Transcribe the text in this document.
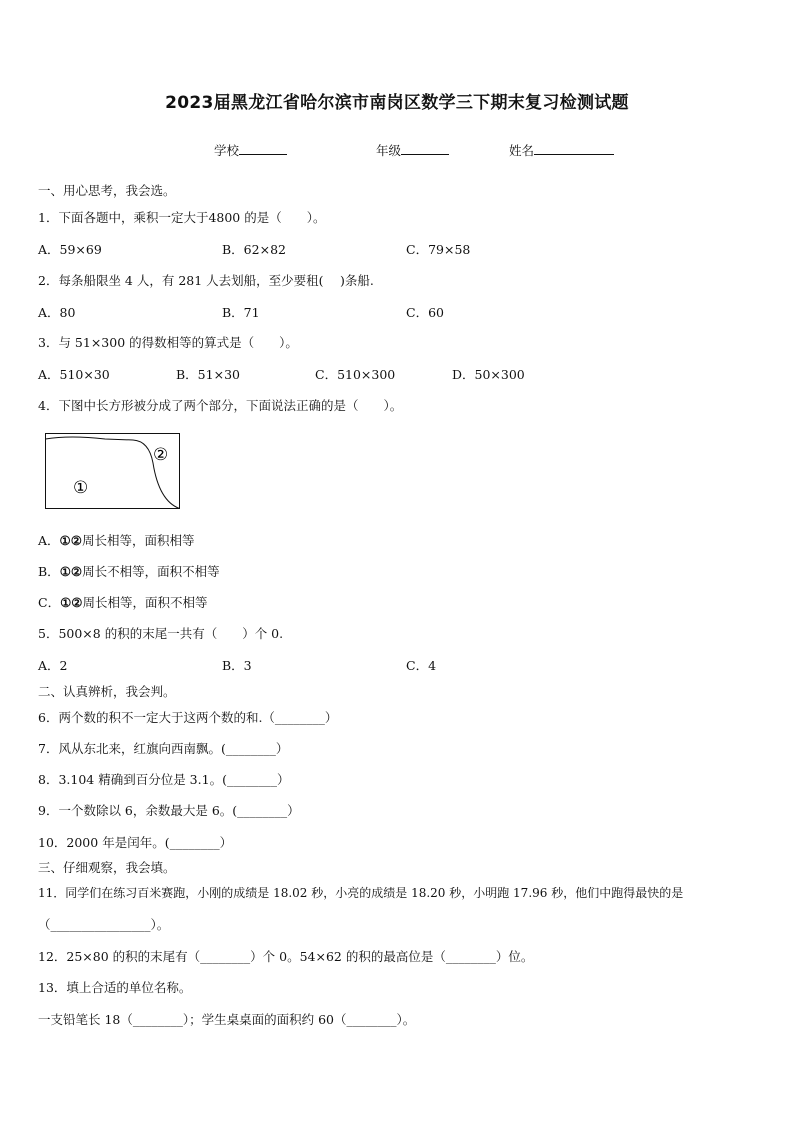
2023届黑龙江省哈尔滨市南岗区数学三下期末复习检测试题
学校	年级	姓名
一、用心思考，我会选。
1．下面各题中，乘积一定大于4800 的是（　　）。
A．59×69	B．62×82	C．79×58
2．每条船限坐 4 人，有 281 人去划船，至少要租(　 )条船.
A．80	B．71	C．60
3．与 51×300 的得数相等的算式是（　　）。
A．510×30	B．51×30	C．510×300	D．50×300
4．下图中长方形被分成了两个部分，下面说法正确的是（　　）。
①
②
A．①②周长相等，面积相等
B．①②周长不相等，面积不相等
C．①②周长相等，面积不相等
5．500×8 的积的末尾一共有（　　）个 0.
A．2	B．3	C．4
二、认真辨析，我会判。
6．两个数的积不一定大于这两个数的和.（________）
7．风从东北来，红旗向西南飘。(________）
8．3.104 精确到百分位是 3.1。(________）
9．一个数除以 6，余数最大是 6。(________）
10．2000 年是闰年。(________）
三、仔细观察，我会填。
11．同学们在练习百米赛跑，小刚的成绩是 18.02 秒，小亮的成绩是 18.20 秒，小明跑 17.96 秒，他们中跑得最快的是
（________________）。
12．25×80 的积的末尾有（________）个 0。54×62 的积的最高位是（________）位。
13．填上合适的单位名称。
一支铅笔长 18（________）；学生桌桌面的面积约 60（________）。
